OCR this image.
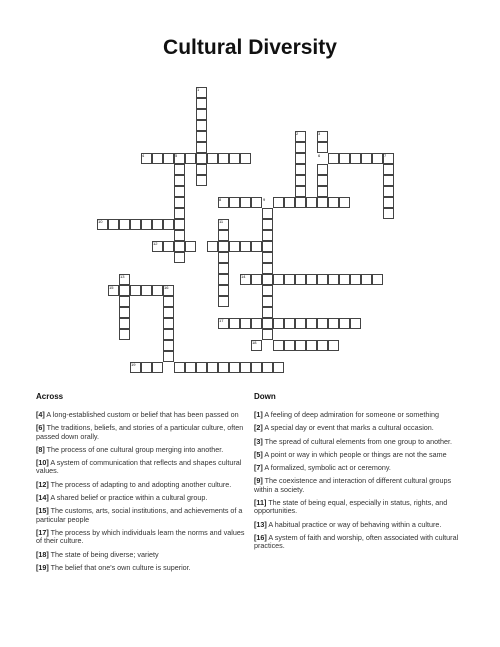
Cultural Diversity
1
2	3
4	5	6	7
8	9
10	11
12
13	14
15	16
17
18
19
Across
[4] A long-established custom or belief that has been passed on
[6] The traditions, beliefs, and stories of a particular culture, often passed down orally.
[8] The process of one cultural group merging into another.
[10] A system of communication that reflects and shapes cultural values.
[12] The process of adapting to and adopting another culture.
[14] A shared belief or practice within a cultural group.
[15] The customs, arts, social institutions, and achievements of a particular people
[17] The process by which individuals learn the norms and values of their culture.
[18] The state of being diverse; variety
[19] The belief that one's own culture is superior.
Down
[1] A feeling of deep admiration for someone or something
[2] A special day or event that marks a cultural occasion.
[3] The spread of cultural elements from one group to another.
[5] A point or way in which people or things are not the same
[7] A formalized, symbolic act or ceremony.
[9] The coexistence and interaction of different cultural groups within a society.
[11] The state of being equal, especially in status, rights, and opportunities.
[13] A habitual practice or way of behaving within a culture.
[16] A system of faith and worship, often associated with cultural practices.
